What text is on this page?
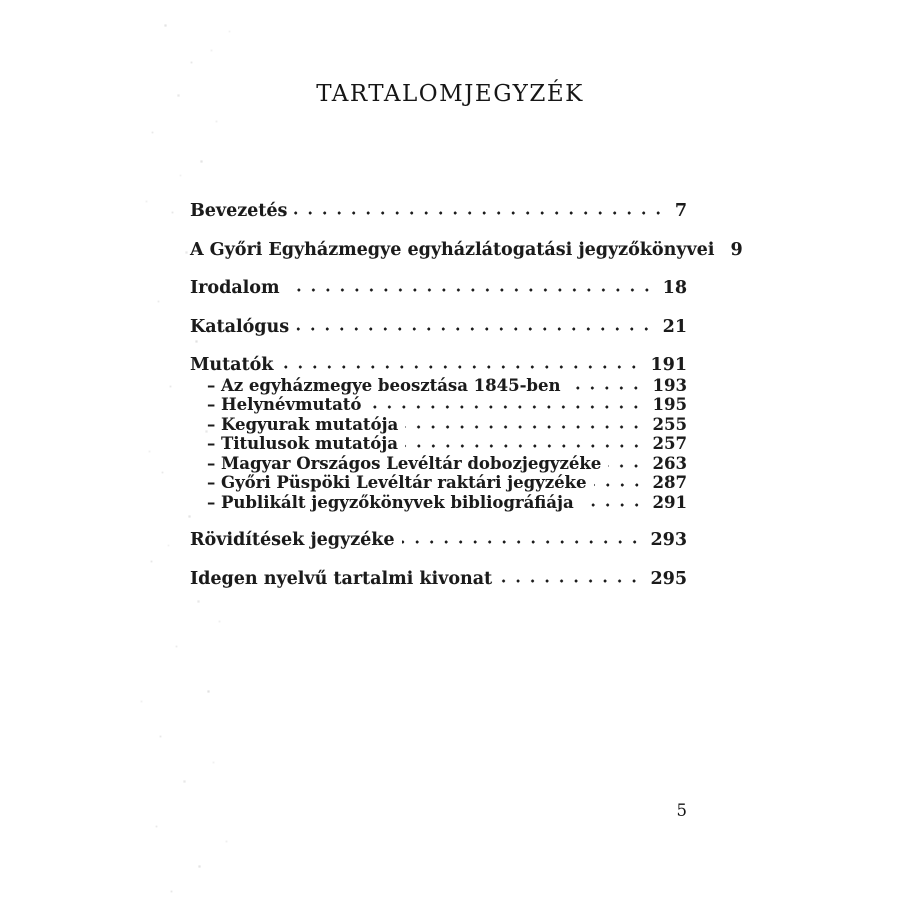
TARTALOMJEGYZÉK
Bevezetés	7
A Győri Egyházmegye egyházlátogatási jegyzőkönyvei 9
Irodalom	18
Katalógus	21
Mutatók	191
– Az egyházmegye beosztása 1845-ben	193
– Helynévmutató	195
– Kegyurak mutatója	255
– Titulusok mutatója	257
– Magyar Országos Levéltár dobozjegyzéke	263
– Győri Püspöki Levéltár raktári jegyzéke	287
– Publikált jegyzőkönyvek bibliográfiája	291
Rövidítések jegyzéke	293
Idegen nyelvű tartalmi kivonat	295
5
